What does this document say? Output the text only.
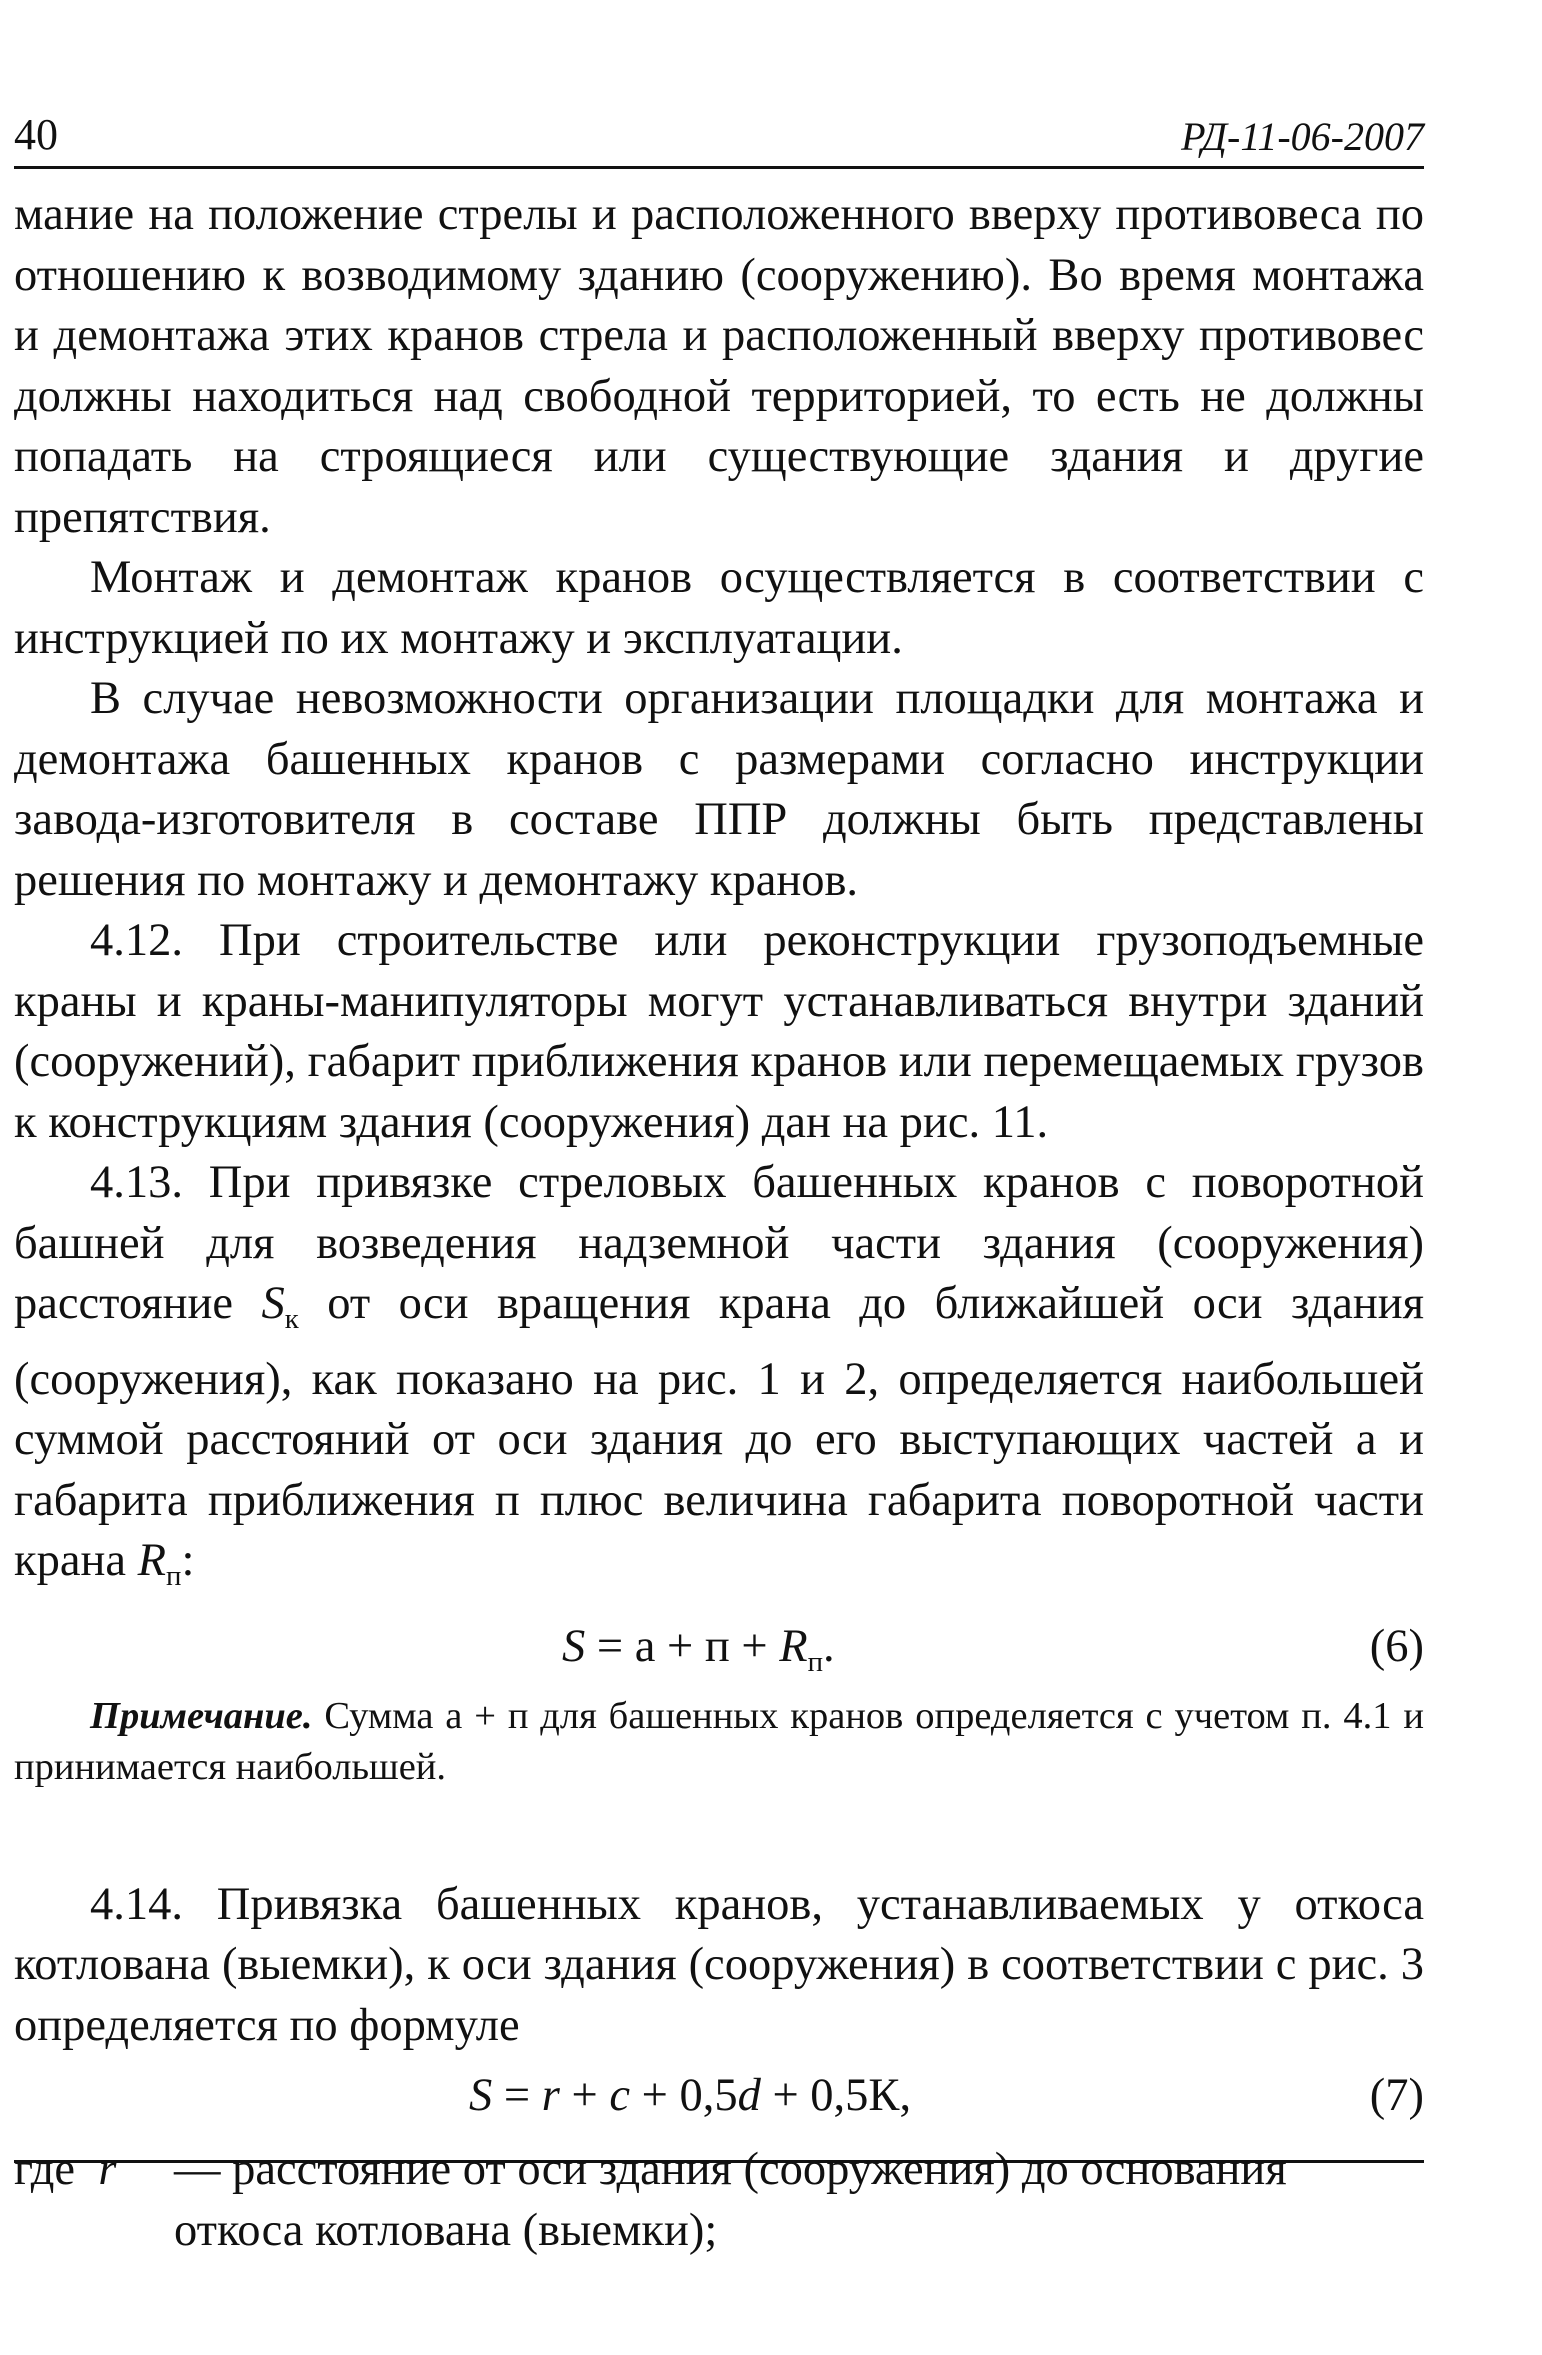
40	РД-11-06-2007

мание на положение стрелы и расположенного вверху противовеса по отношению к возводимому зданию (сооружению). Во время монтажа и демонтажа этих кранов стрела и расположенный вверху противовес должны находиться над свободной территорией, то есть не должны попадать на строящиеся или существующие здания и другие препятствия.

Монтаж и демонтаж кранов осуществляется в соответствии с инструкцией по их монтажу и эксплуатации.

В случае невозможности организации площадки для монтажа и демонтажа башенных кранов с размерами согласно инструкции завода-изготовителя в составе ППР должны быть представлены решения по монтажу и демонтажу кранов.

4.12. При строительстве или реконструкции грузоподъемные краны и краны-манипуляторы могут устанавливаться внутри зданий (сооружений), габарит приближения кранов или перемещаемых грузов к конструкциям здания (сооружения) дан на рис. 11.

4.13. При привязке стреловых башенных кранов с поворотной башней для возведения надземной части здания (сооружения) расстояние $S_к$ от оси вращения крана до ближайшей оси здания (сооружения), как показано на рис. 1 и 2, определяется наибольшей суммой расстояний от оси здания до его выступающих частей а и габарита приближения п плюс величина габарита поворотной части крана $R_п$:

$S = а + п + R_п$.	(6)

Примечание. Сумма а + п для башенных кранов определяется с учетом п. 4.1 и принимается наибольшей.

4.14. Привязка башенных кранов, устанавливаемых у откоса котлована (выемки), к оси здания (сооружения) в соответствии с рис. 3 определяется по формуле

S = r + c + 0,5d + 0,5К,	(7)
где r — расстояние от оси здания (сооружения) до основания откоса котлована (выемки);
